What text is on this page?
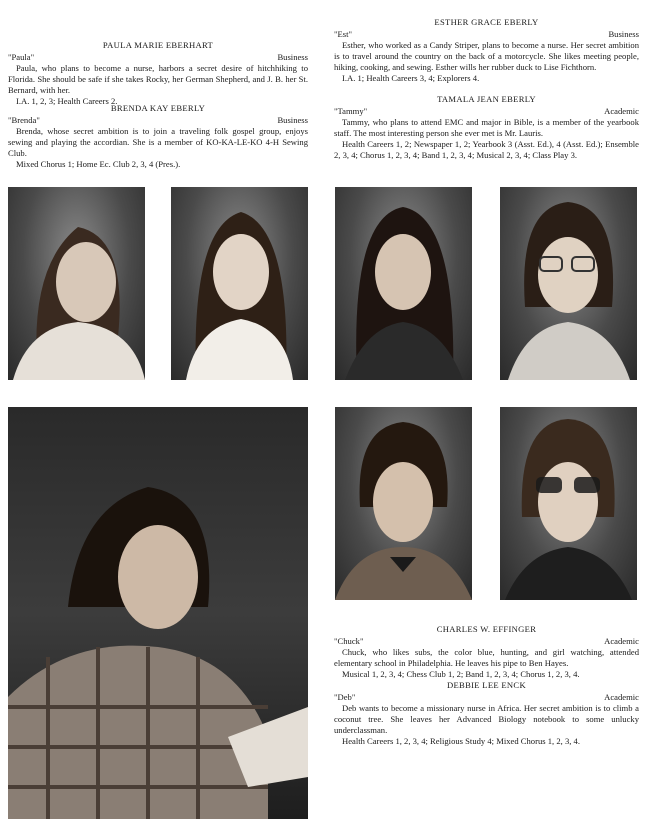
PAULA MARIE EBERHART
"Paula"	Business

Paula, who plans to become a nurse, harbors a secret desire of hitchhiking to Florida. She should be safe if she takes Rocky, her German Shepherd, and J. B. her St. Bernard, with her.

I.A. 1, 2, 3; Health Careers 2.

BRENDA KAY EBERLY
"Brenda"	Business

Brenda, whose secret ambition is to join a traveling folk gospel group, enjoys sewing and playing the accordian. She is a member of KO-KA-LE-KO 4-H Sewing Club.

Mixed Chorus 1; Home Ec. Club 2, 3, 4 (Pres.).

ESTHER GRACE EBERLY
"Est"	Business

Esther, who worked as a Candy Striper, plans to become a nurse. Her secret ambition is to travel around the country on the back of a motorcycle. She likes meeting people, hiking, cooking, and sewing. Esther wills her rubber duck to Lise Fichthorn.

I.A. 1; Health Careers 3, 4; Explorers 4.

TAMALA JEAN EBERLY
"Tammy"	Academic

Tammy, who plans to attend EMC and major in Bible, is a member of the yearbook staff. The most interesting person she ever met is Mr. Lauris.

Health Careers 1, 2; Newspaper 1, 2; Yearbook 3 (Asst. Ed.), 4 (Asst. Ed.); Ensemble 2, 3, 4; Chorus 1, 2, 3, 4; Band 1, 2, 3, 4; Musical 2, 3, 4; Class Play 3.

CHARLES W. EFFINGER
"Chuck"	Academic

Chuck, who likes subs, the color blue, hunting, and girl watching, attended elementary school in Philadelphia. He leaves his pipe to Ben Hayes.

Musical 1, 2, 3, 4; Chess Club 1, 2; Band 1, 2, 3, 4; Chorus 1, 2, 3, 4.

DEBBIE LEE ENCK
"Deb"	Academic

Deb wants to become a missionary nurse in Africa. Her secret ambition is to climb a coconut tree. She leaves her Advanced Biology notebook to some unlucky underclassman.

Health Careers 1, 2, 3, 4; Religious Study 4; Mixed Chorus 1, 2, 3, 4.
